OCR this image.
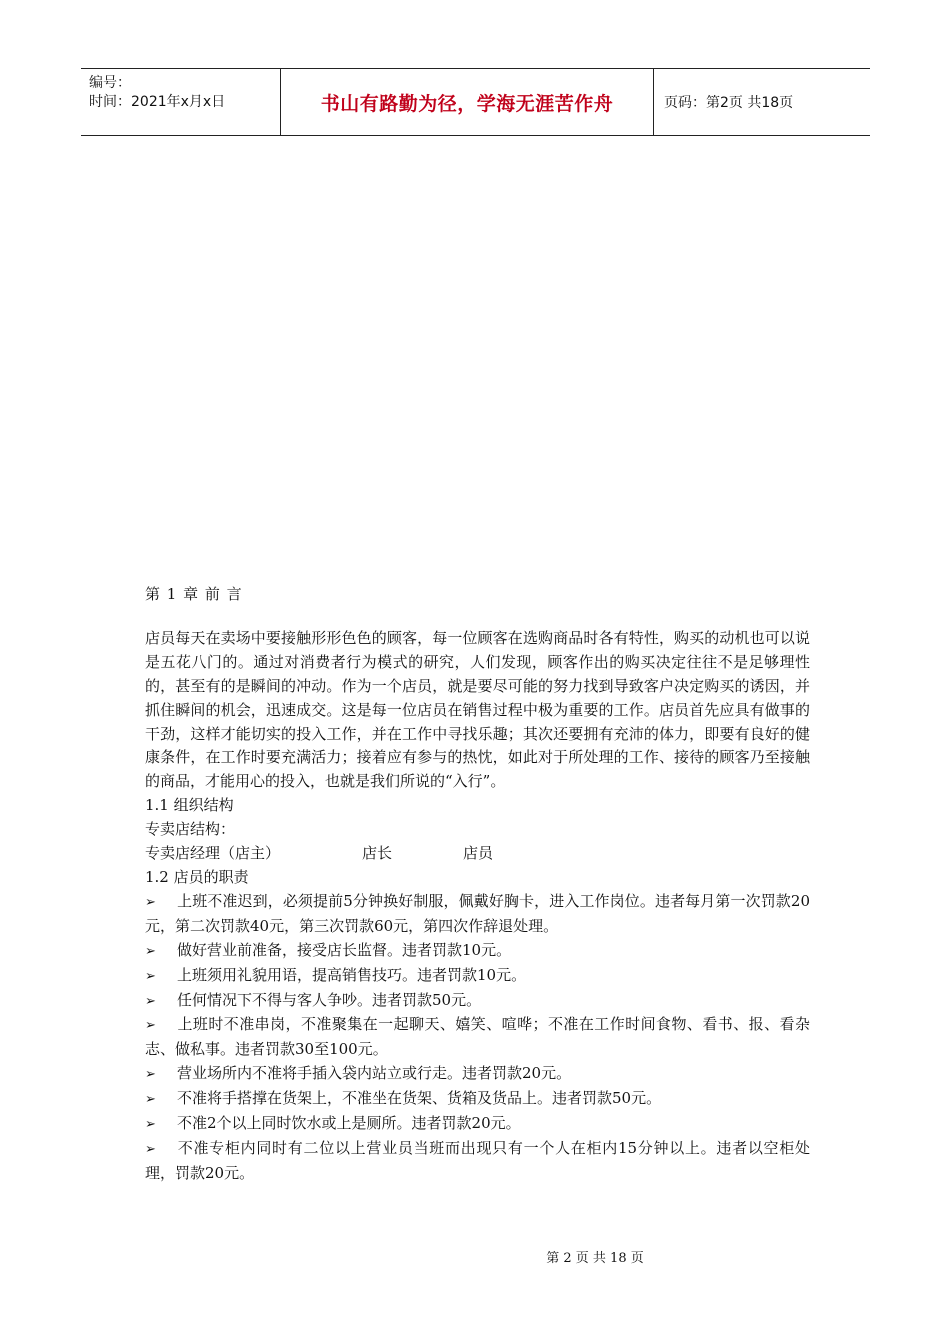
编号：
时间：2021年x月x日	书山有路勤为径，学海无涯苦作舟	页码：第2页 共18页

第 1 章 前 言

店员每天在卖场中要接触形形色色的顾客，每一位顾客在选购商品时各有特性，购买的动机也可以说是五花八门的。通过对消费者行为模式的研究，人们发现，顾客作出的购买决定往往不是足够理性的，甚至有的是瞬间的冲动。作为一个店员，就是要尽可能的努力找到导致客户决定购买的诱因，并抓住瞬间的机会，迅速成交。这是每一位店员在销售过程中极为重要的工作。店员首先应具有做事的干劲，这样才能切实的投入工作，并在工作中寻找乐趣；其次还要拥有充沛的体力，即要有良好的健康条件，在工作时要充满活力；接着应有参与的热忱，如此对于所处理的工作、接待的顾客乃至接触的商品，才能用心的投入，也就是我们所说的“入行”。

1.1 组织结构

专卖店结构：

专卖店经理（店主）	店长	店员

1.2 店员的职责

➢ 上班不准迟到，必须提前5分钟换好制服，佩戴好胸卡，进入工作岗位。违者每月第一次罚款20元，第二次罚款40元，第三次罚款60元，第四次作辞退处理。

➢ 做好营业前准备，接受店长监督。违者罚款10元。

➢ 上班须用礼貌用语，提高销售技巧。违者罚款10元。

➢ 任何情况下不得与客人争吵。违者罚款50元。

➢ 上班时不准串岗，不准聚集在一起聊天、嬉笑、喧哗；不准在工作时间食物、看书、报、看杂志、做私事。违者罚款30至100元。

➢ 营业场所内不准将手插入袋内站立或行走。违者罚款20元。

➢ 不准将手搭撑在货架上，不准坐在货架、货箱及货品上。违者罚款50元。

➢ 不准2个以上同时饮水或上是厕所。违者罚款20元。

➢ 不准专柜内同时有二位以上营业员当班而出现只有一个人在柜内15分钟以上。违者以空柜处理，罚款20元。

第 2 页 共 18 页
